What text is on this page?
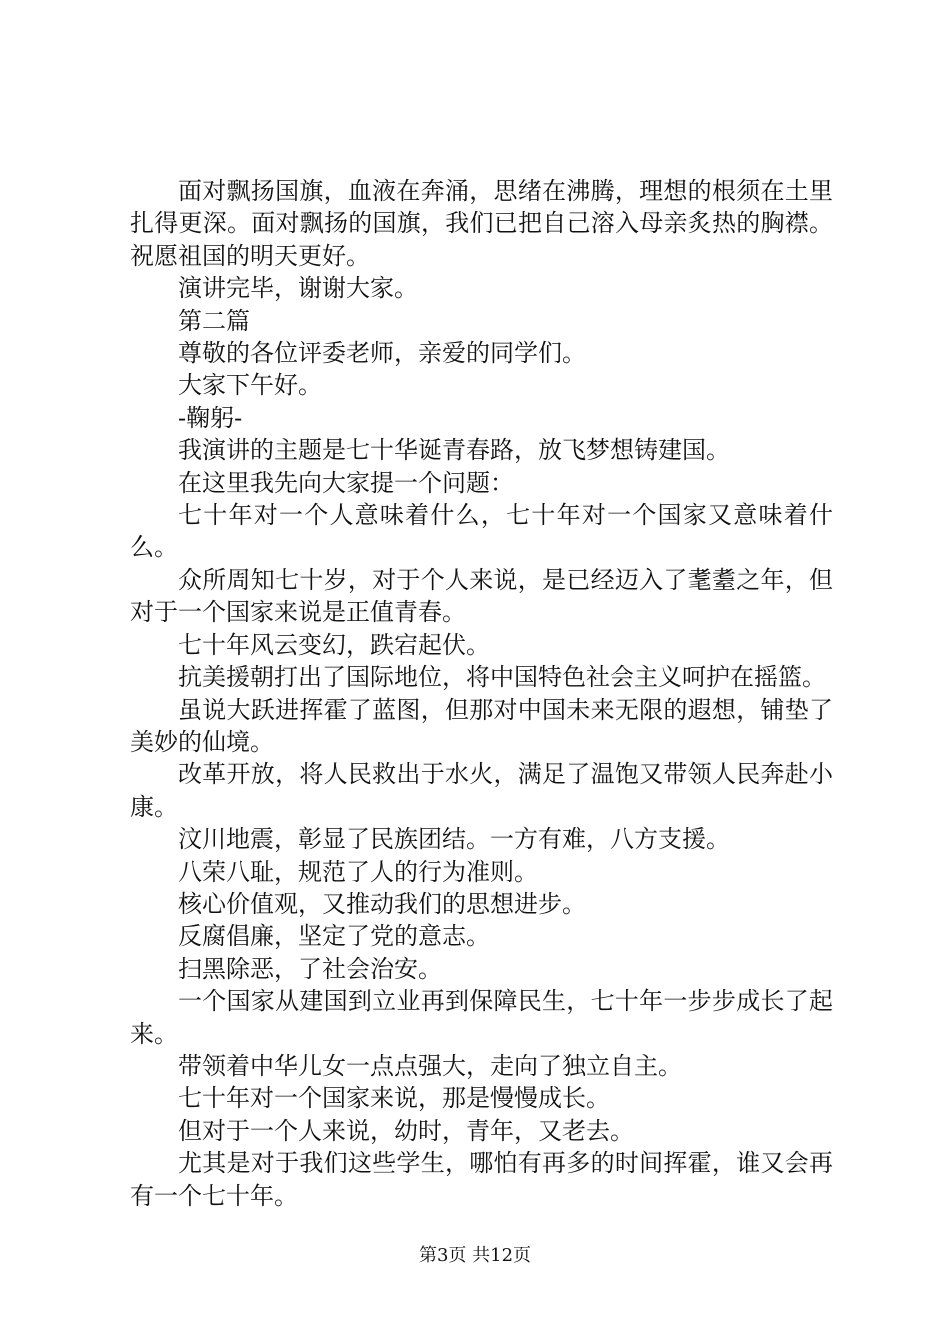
面对飘扬国旗，血液在奔涌，思绪在沸腾，理想的根须在土里扎得更深。面对飘扬的国旗，我们已把自己溶入母亲炙热的胸襟。祝愿祖国的明天更好。

演讲完毕，谢谢大家。

第二篇

尊敬的各位评委老师，亲爱的同学们。

大家下午好。

-鞠躬-

我演讲的主题是七十华诞青春路，放飞梦想铸建国。

在这里我先向大家提一个问题：

七十年对一个人意味着什么，七十年对一个国家又意味着什么。

众所周知七十岁，对于个人来说，是已经迈入了耄耋之年，但对于一个国家来说是正值青春。

七十年风云变幻，跌宕起伏。

抗美援朝打出了国际地位，将中国特色社会主义呵护在摇篮。

虽说大跃进挥霍了蓝图，但那对中国未来无限的遐想，铺垫了美妙的仙境。

改革开放，将人民救出于水火，满足了温饱又带领人民奔赴小康。

汶川地震，彰显了民族团结。一方有难，八方支援。

八荣八耻，规范了人的行为准则。

核心价值观，又推动我们的思想进步。

反腐倡廉，坚定了党的意志。

扫黑除恶，了社会治安。

一个国家从建国到立业再到保障民生，七十年一步步成长了起来。

带领着中华儿女一点点强大，走向了独立自主。

七十年对一个国家来说，那是慢慢成长。

但对于一个人来说，幼时，青年，又老去。

尤其是对于我们这些学生，哪怕有再多的时间挥霍，谁又会再有一个七十年。

第3页 共12页
